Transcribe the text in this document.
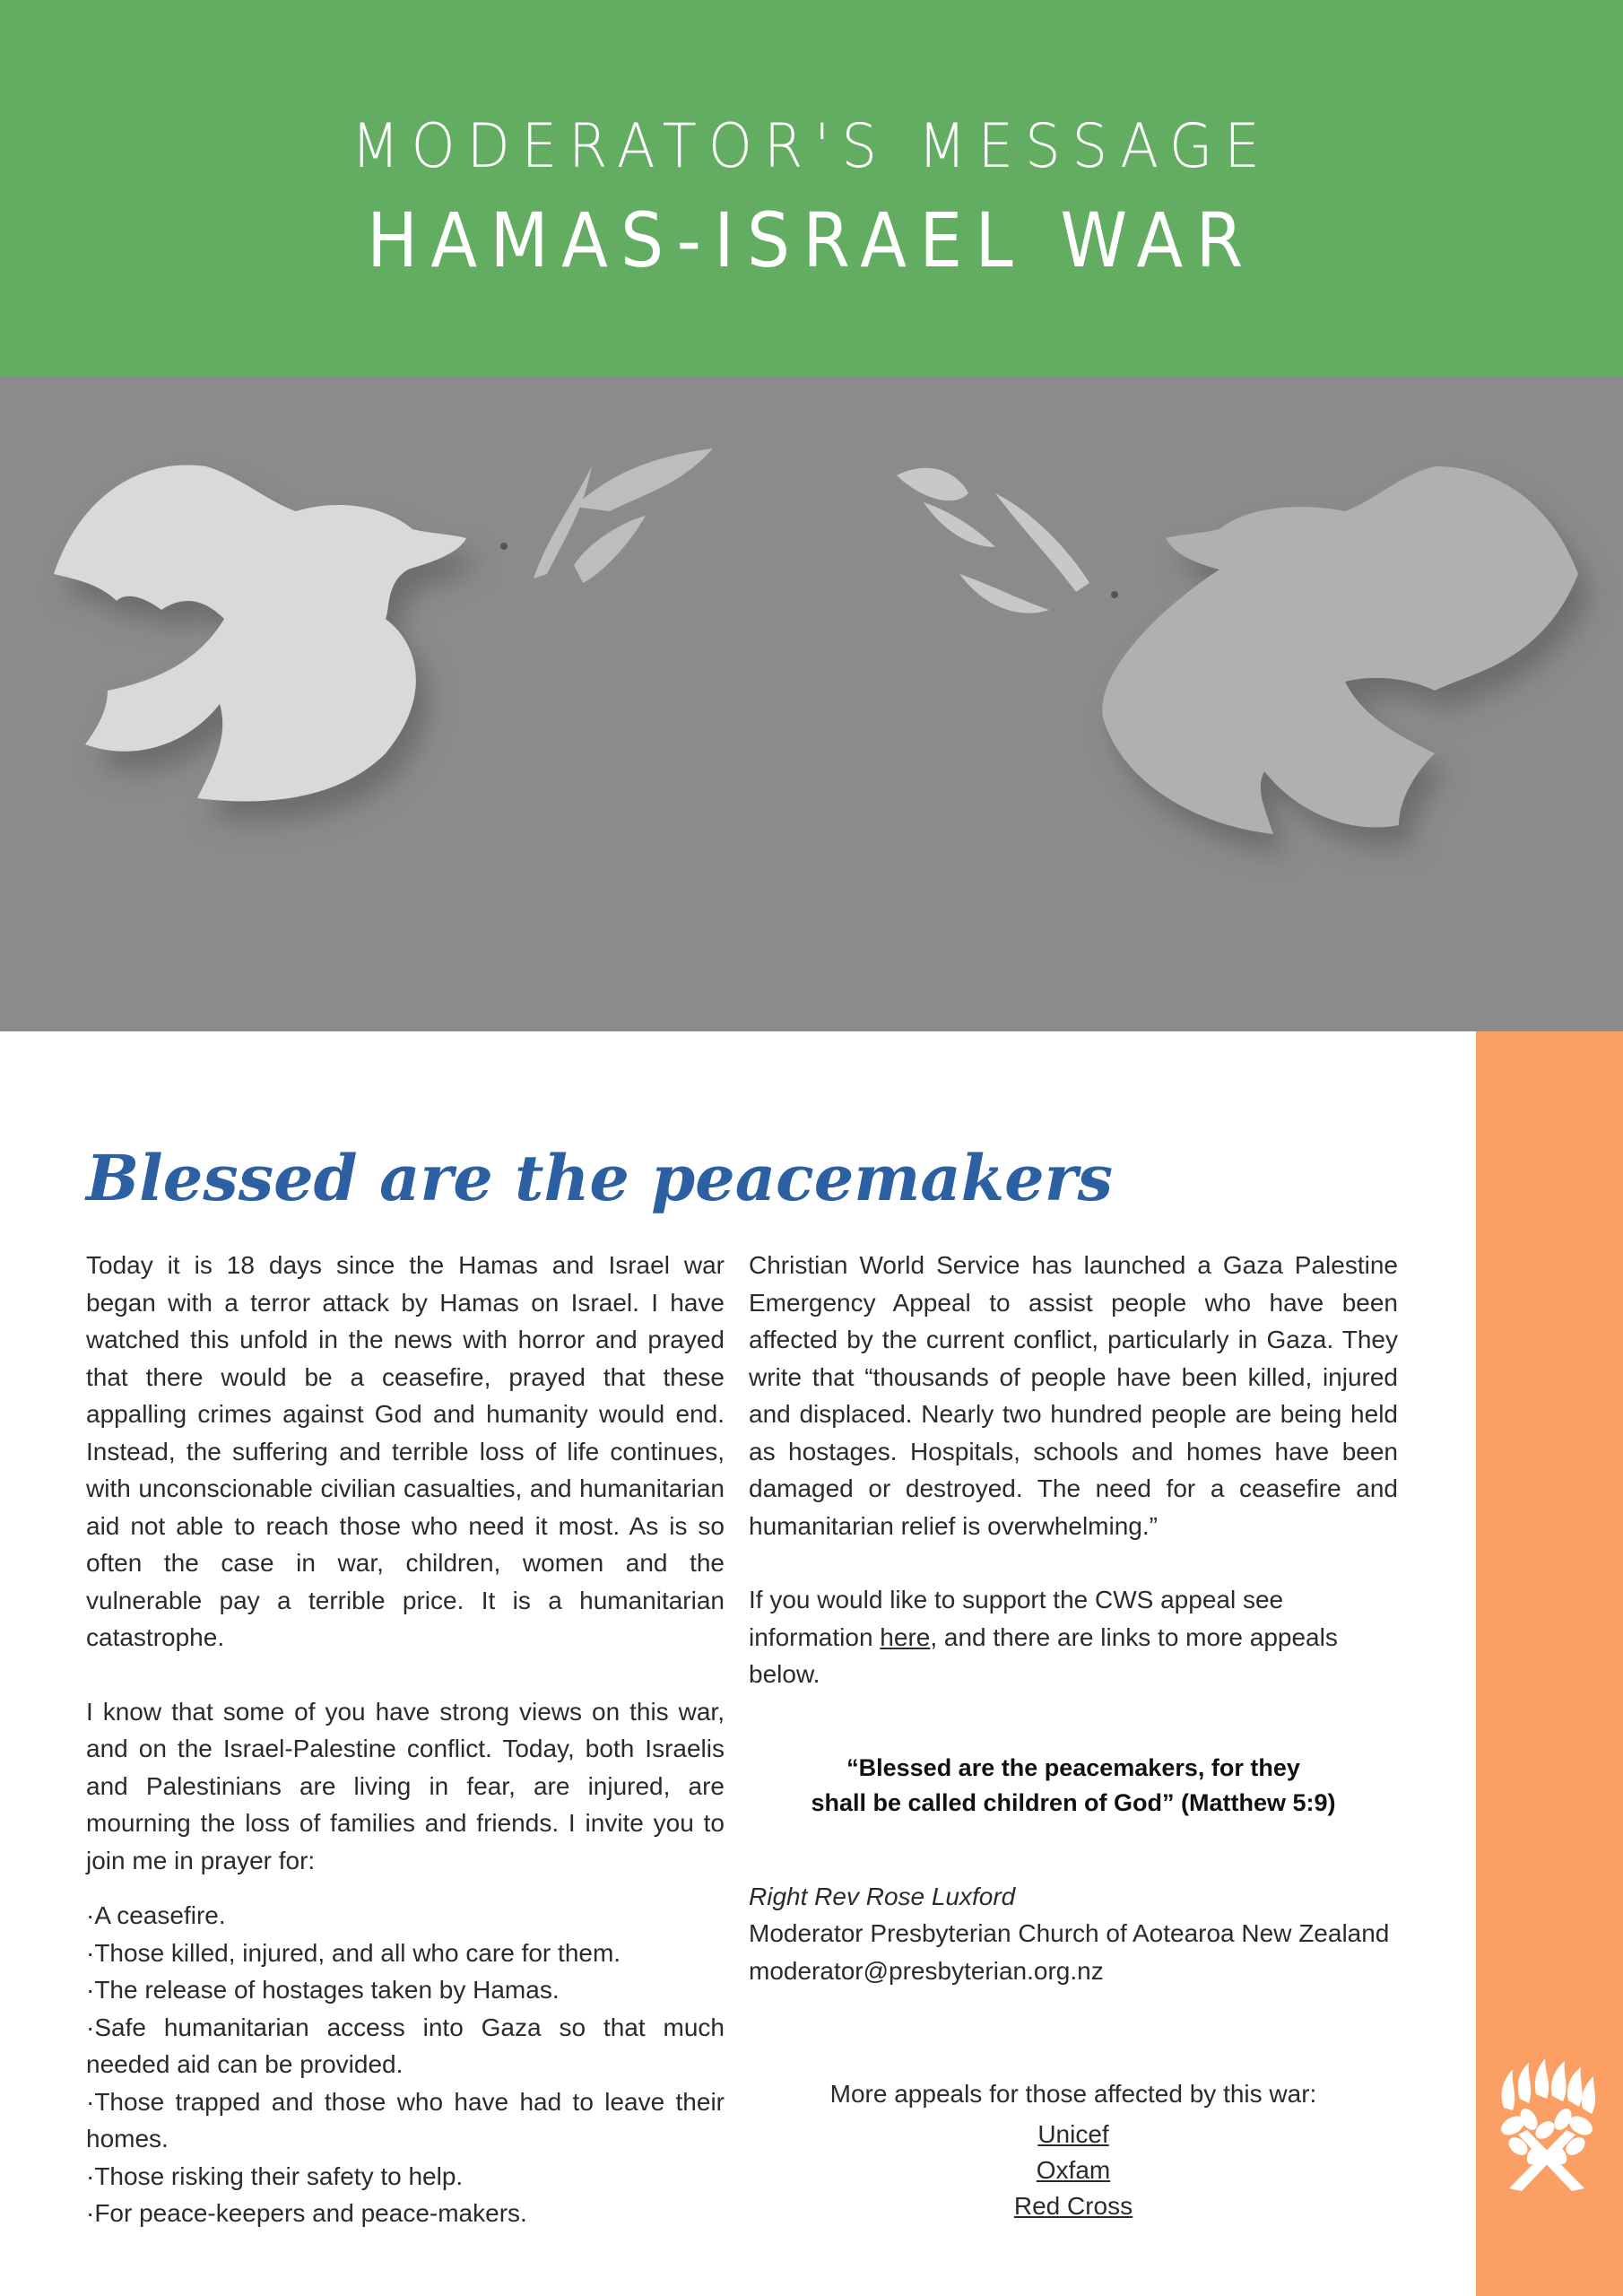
MODERATOR'S MESSAGE
HAMAS-ISRAEL WAR
Blessed are the peacemakers

Today it is 18 days since the Hamas and Israel war began with a terror attack by Hamas on Israel. I have watched this unfold in the news with horror and prayed that there would be a ceasefire, prayed that these appalling crimes against God and humanity would end. Instead, the suffering and terrible loss of life continues, with unconscionable civilian casualties, and humanitarian aid not able to reach those who need it most. As is so often the case in war, children, women and the vulnerable pay a terrible price. It is a humanitarian catastrophe.

I know that some of you have strong views on this war, and on the Israel-Palestine conflict. Today, both Israelis and Palestinians are living in fear, are injured, are mourning the loss of families and friends. I invite you to join me in prayer for:

·A ceasefire.
·Those killed, injured, and all who care for them.
·The release of hostages taken by Hamas.
·Safe humanitarian access into Gaza so that much needed aid can be provided.
·Those trapped and those who have had to leave their homes.
·Those risking their safety to help.
·For peace-keepers and peace-makers.

Christian World Service has launched a Gaza Palestine Emergency Appeal to assist people who have been affected by the current conflict, particularly in Gaza. They write that “thousands of people have been killed, injured and displaced. Nearly two hundred people are being held as hostages. Hospitals, schools and homes have been damaged or destroyed. The need for a ceasefire and humanitarian relief is overwhelming.”

If you would like to support the CWS appeal see information here, and there are links to more appeals below.

“Blessed are the peacemakers, for they
shall be called children of God” (Matthew 5:9)
Right Rev Rose Luxford
Moderator Presbyterian Church of Aotearoa New Zealand
moderator@presbyterian.org.nz
More appeals for those affected by this war:
Unicef
Oxfam
Red Cross
